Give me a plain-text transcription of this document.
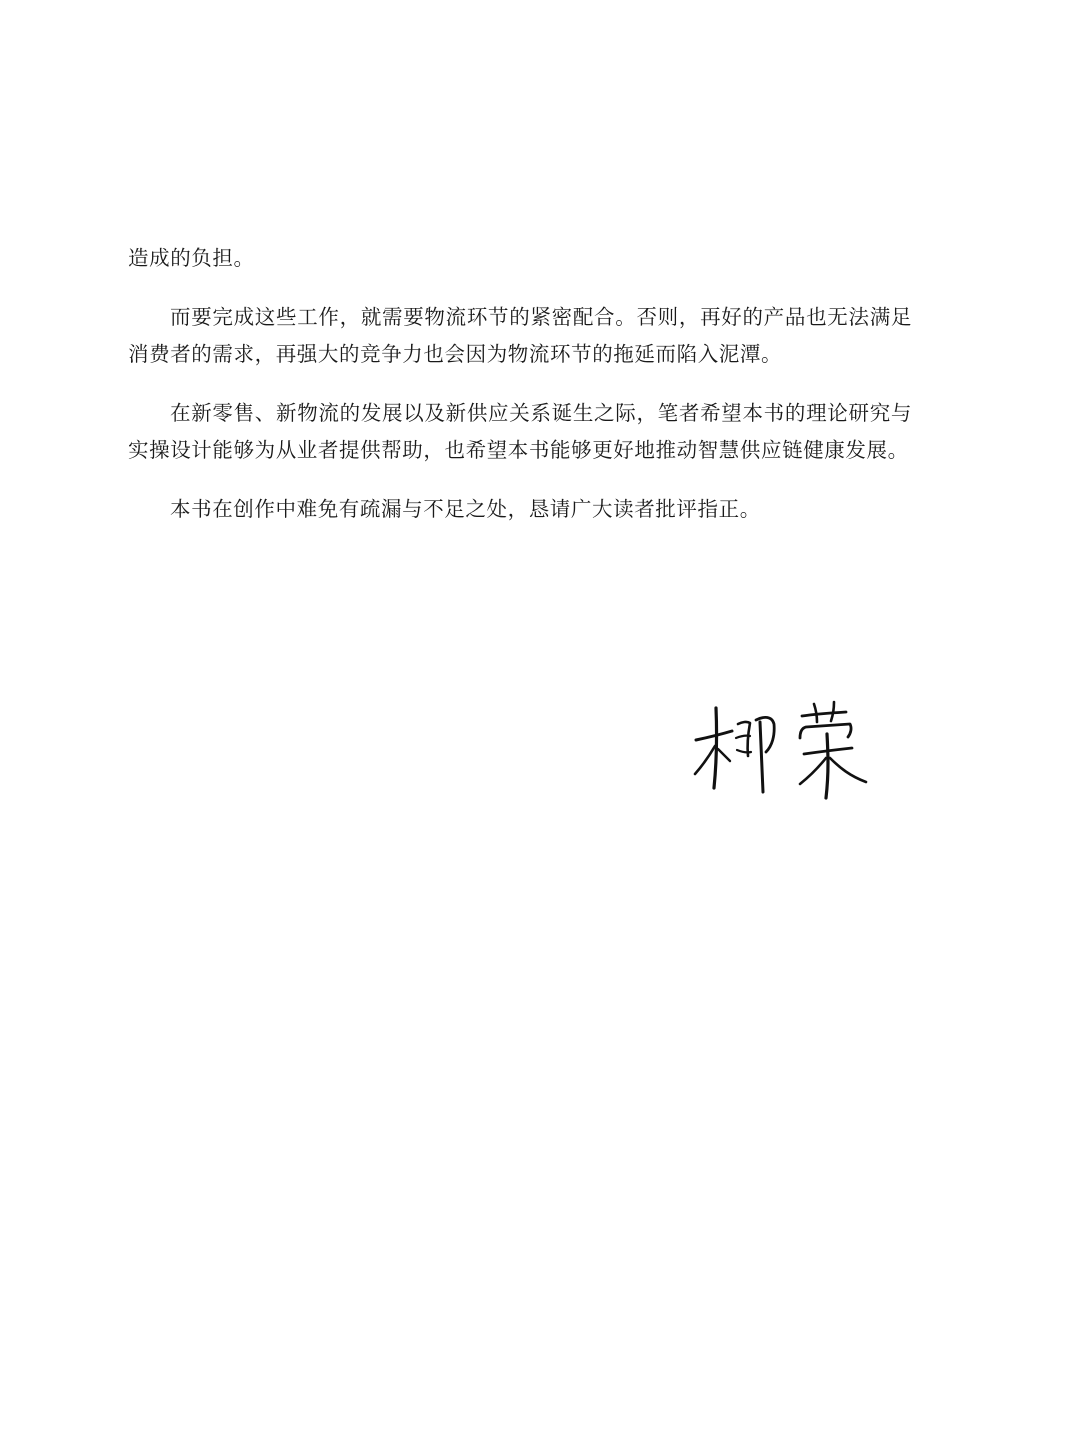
造成的负担。

而要完成这些工作，就需要物流环节的紧密配合。否则，再好的产品也无法满足消费者的需求，再强大的竞争力也会因为物流环节的拖延而陷入泥潭。

在新零售、新物流的发展以及新供应关系诞生之际，笔者希望本书的理论研究与实操设计能够为从业者提供帮助，也希望本书能够更好地推动智慧供应链健康发展。

本书在创作中难免有疏漏与不足之处，恳请广大读者批评指正。
